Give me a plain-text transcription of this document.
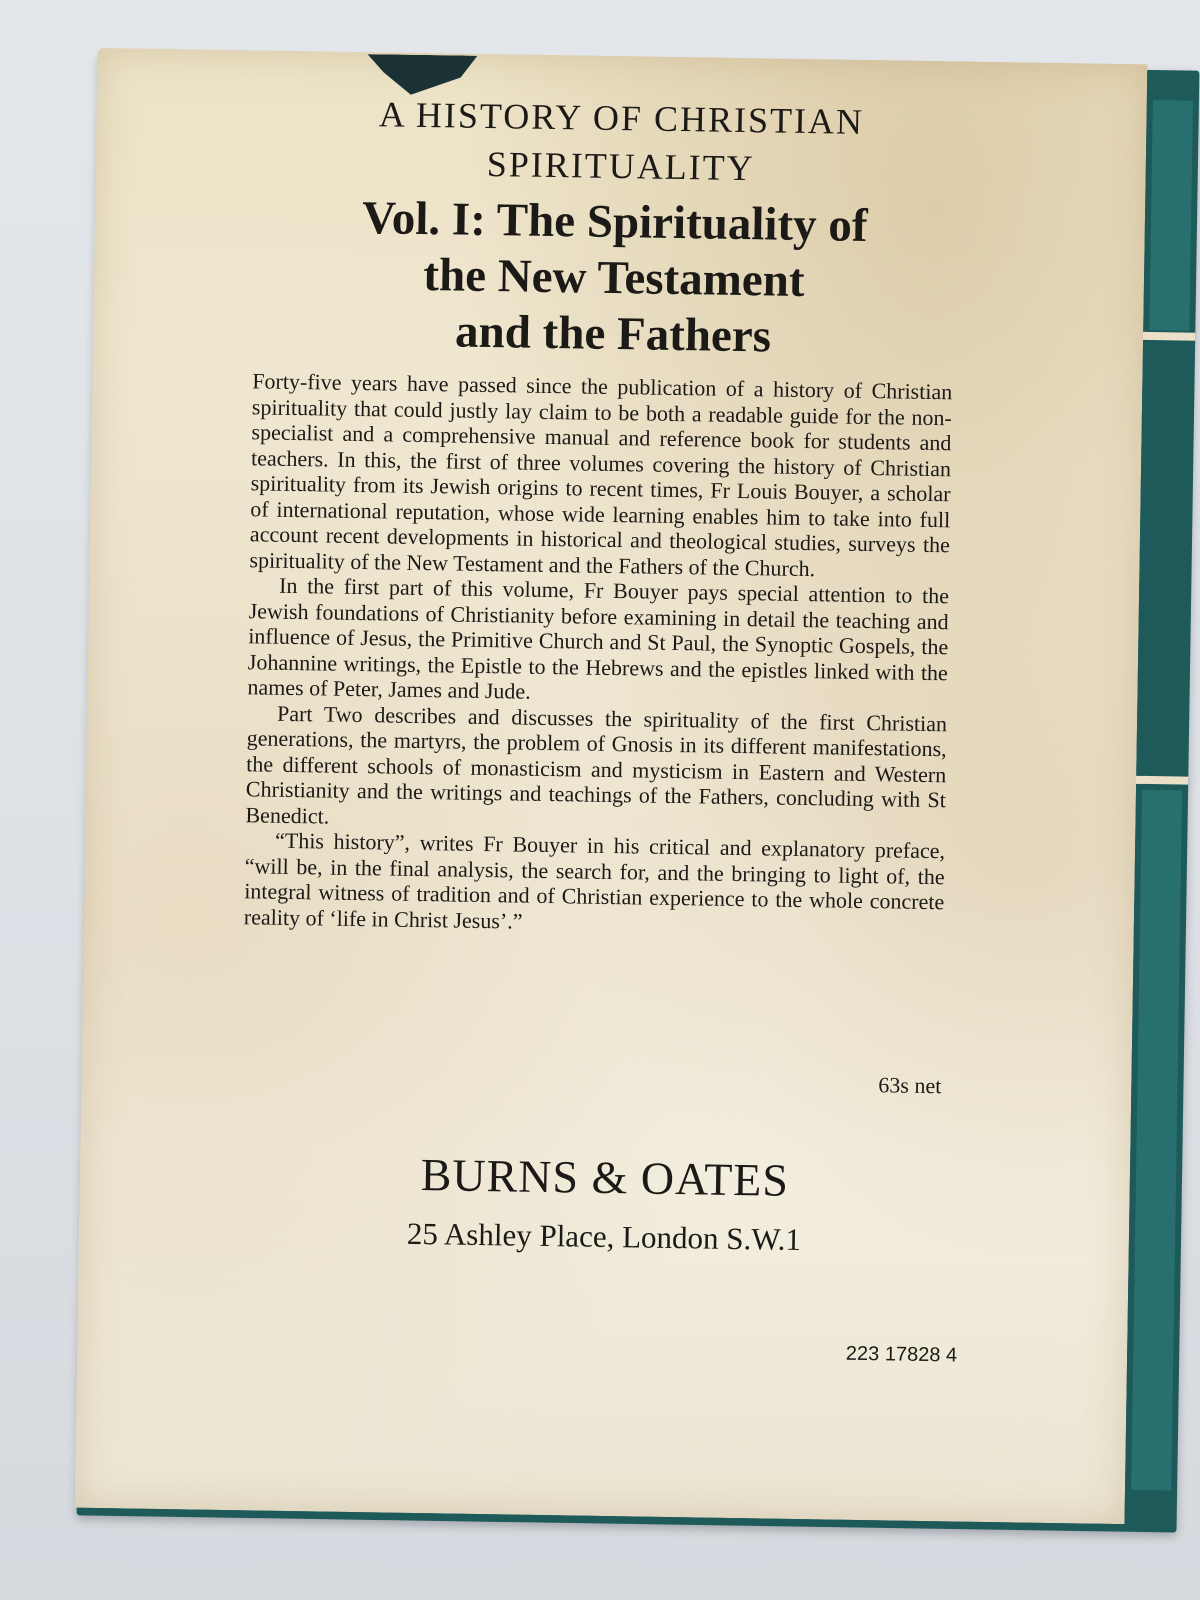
A HISTORY OF CHRISTIAN
SPIRITUALITY
Vol. I: The Spirituality of
the New Testament
and the Fathers

Forty-five years have passed since the publication of a history of Christian spirituality that could justly lay claim to be both a readable guide for the non-specialist and a comprehensive manual and reference book for students and teachers. In this, the first of three volumes covering the history of Christian spirituality from its Jewish origins to recent times, Fr Louis Bouyer, a scholar of international reputation, whose wide learning enables him to take into full account recent developments in historical and theological studies, surveys the spirituality of the New Testament and the Fathers of the Church.

In the first part of this volume, Fr Bouyer pays special attention to the Jewish foundations of Christianity before examining in detail the teaching and influence of Jesus, the Primitive Church and St Paul, the Synoptic Gospels, the Johannine writings, the Epistle to the Hebrews and the epistles linked with the names of Peter, James and Jude.

Part Two describes and discusses the spirituality of the first Christian generations, the martyrs, the problem of Gnosis in its different manifestations, the different schools of monasticism and mysticism in Eastern and Western Christianity and the writings and teachings of the Fathers, concluding with St Benedict.

“This history”, writes Fr Bouyer in his critical and explanatory preface, “will be, in the final analysis, the search for, and the bringing to light of, the integral witness of tradition and of Christian experience to the whole concrete reality of ‘life in Christ Jesus’.”

63s net
BURNS & OATES
25 Ashley Place, London S.W.1
223 17828 4
